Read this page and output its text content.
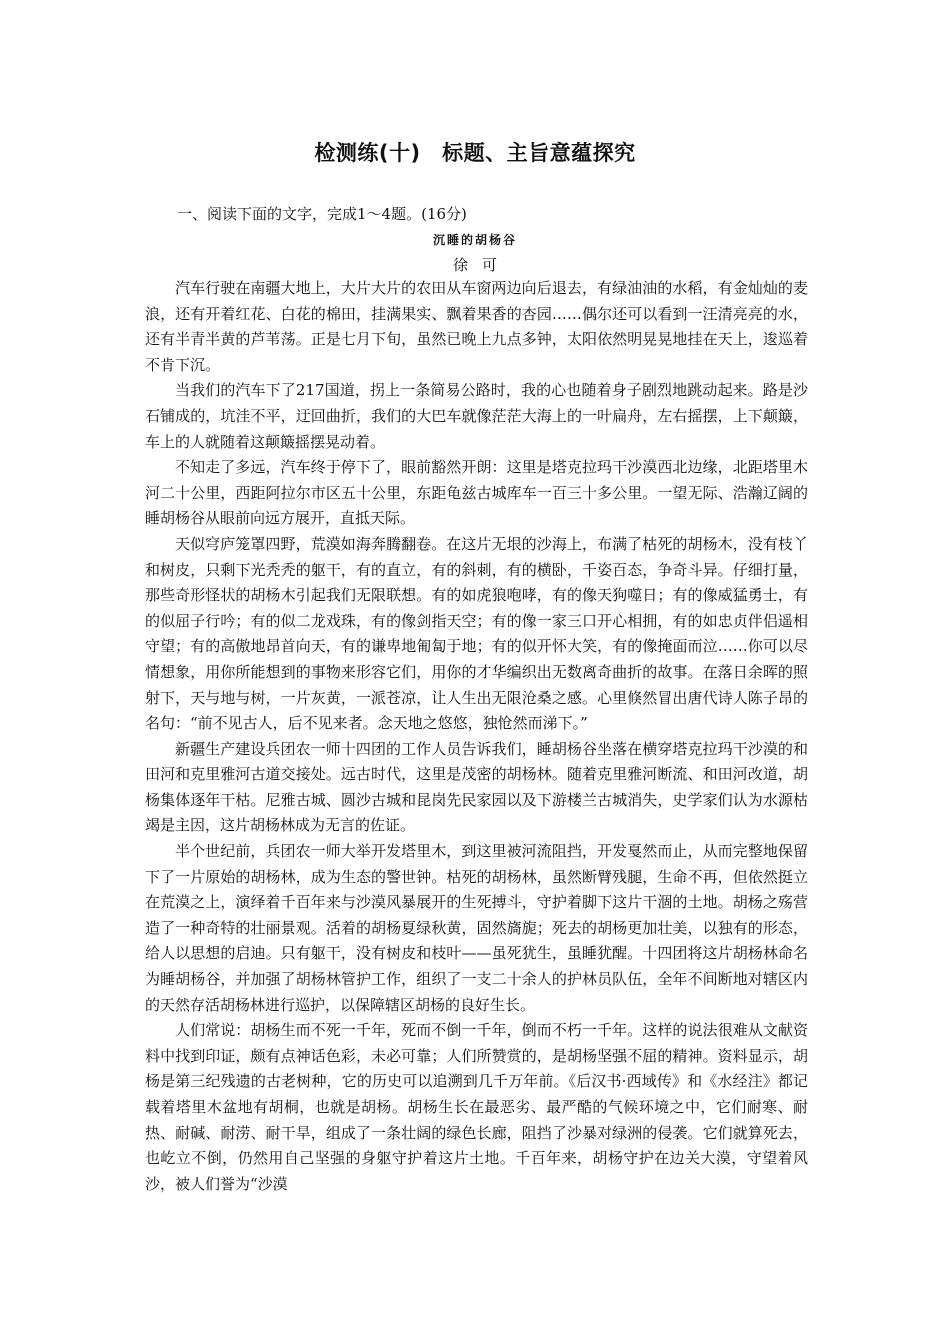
检测练(十)　标题、主旨意蕴探究
一、阅读下面的文字，完成1～4题。(16分)
沉睡的胡杨谷
徐可

汽车行驶在南疆大地上，大片大片的农田从车窗两边向后退去，有绿油油的水稻，有金灿灿的麦浪，还有开着红花、白花的棉田，挂满果实、飘着果香的杏园……偶尔还可以看到一汪清亮亮的水，还有半青半黄的芦苇荡。正是七月下旬，虽然已晚上九点多钟，太阳依然明晃晃地挂在天上，逡巡着不肯下沉。

当我们的汽车下了217国道，拐上一条简易公路时，我的心也随着身子剧烈地跳动起来。路是沙石铺成的，坑洼不平，迂回曲折，我们的大巴车就像茫茫大海上的一叶扁舟，左右摇摆，上下颠簸，车上的人就随着这颠簸摇摆晃动着。

不知走了多远，汽车终于停下了，眼前豁然开朗：这里是塔克拉玛干沙漠西北边缘，北距塔里木河二十公里，西距阿拉尔市区五十公里，东距龟兹古城库车一百三十多公里。一望无际、浩瀚辽阔的睡胡杨谷从眼前向远方展开，直抵天际。

天似穹庐笼罩四野，荒漠如海奔腾翻卷。在这片无垠的沙海上，布满了枯死的胡杨木，没有枝丫和树皮，只剩下光秃秃的躯干，有的直立，有的斜刺，有的横卧，千姿百态，争奇斗异。仔细打量，那些奇形怪状的胡杨木引起我们无限联想。有的如虎狼咆哮，有的像天狗噬日；有的像威猛勇士，有的似屈子行吟；有的似二龙戏珠，有的像剑指天空；有的像一家三口开心相拥，有的如忠贞伴侣遥相守望；有的高傲地昂首向天，有的谦卑地匍匐于地；有的似开怀大笑，有的像掩面而泣……你可以尽情想象，用你所能想到的事物来形容它们，用你的才华编织出无数离奇曲折的故事。在落日余晖的照射下，天与地与树，一片灰黄，一派苍凉，让人生出无限沧桑之感。心里倏然冒出唐代诗人陈子昂的名句：“前不见古人，后不见来者。念天地之悠悠，独怆然而涕下。”

新疆生产建设兵团农一师十四团的工作人员告诉我们，睡胡杨谷坐落在横穿塔克拉玛干沙漠的和田河和克里雅河古道交接处。远古时代，这里是茂密的胡杨林。随着克里雅河断流、和田河改道，胡杨集体逐年干枯。尼雅古城、圆沙古城和昆岗先民家园以及下游楼兰古城消失，史学家们认为水源枯竭是主因，这片胡杨林成为无言的佐证。

半个世纪前，兵团农一师大举开发塔里木，到这里被河流阻挡，开发戛然而止，从而完整地保留下了一片原始的胡杨林，成为生态的警世钟。枯死的胡杨林，虽然断臂残腿，生命不再，但依然挺立在荒漠之上，演绎着千百年来与沙漠风暴展开的生死搏斗，守护着脚下这片干涸的土地。胡杨之殇营造了一种奇特的壮丽景观。活着的胡杨夏绿秋黄，固然旖旎；死去的胡杨更加壮美，以独有的形态，给人以思想的启迪。只有躯干，没有树皮和枝叶——虽死犹生，虽睡犹醒。十四团将这片胡杨林命名为睡胡杨谷，并加强了胡杨林管护工作，组织了一支二十余人的护林员队伍，全年不间断地对辖区内的天然存活胡杨林进行巡护，以保障辖区胡杨的良好生长。

人们常说：胡杨生而不死一千年，死而不倒一千年，倒而不朽一千年。这样的说法很难从文献资料中找到印证，颇有点神话色彩，未必可靠；人们所赞赏的，是胡杨坚强不屈的精神。资料显示，胡杨是第三纪残遗的古老树种，它的历史可以追溯到几千万年前。《后汉书·西域传》和《水经注》都记载着塔里木盆地有胡桐，也就是胡杨。胡杨生长在最恶劣、最严酷的气候环境之中，它们耐寒、耐热、耐碱、耐涝、耐干旱，组成了一条壮阔的绿色长廊，阻挡了沙暴对绿洲的侵袭。它们就算死去，也屹立不倒，仍然用自己坚强的身躯守护着这片土地。千百年来，胡杨守护在边关大漠，守望着风沙，被人们誉为“沙漠
